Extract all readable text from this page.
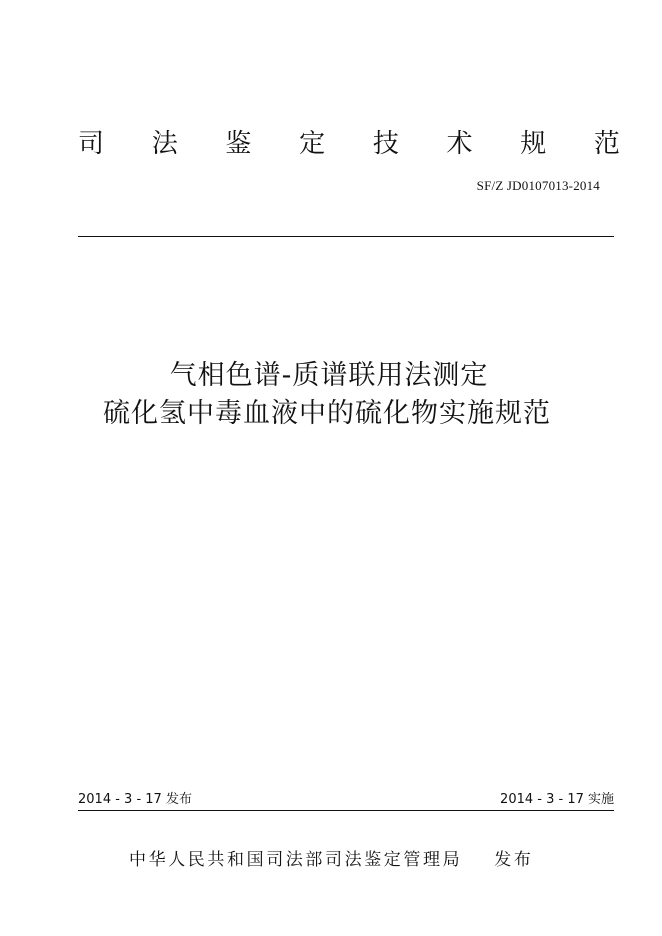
司 法 鉴 定 技 术 规 范
SF/Z JD0107013-2014
气相色谱-质谱联用法测定
硫化氢中毒血液中的硫化物实施规范
2014 - 3 - 17 发布	2014 - 3 - 17 实施
中华人民共和国司法部司法鉴定管理局    发布
